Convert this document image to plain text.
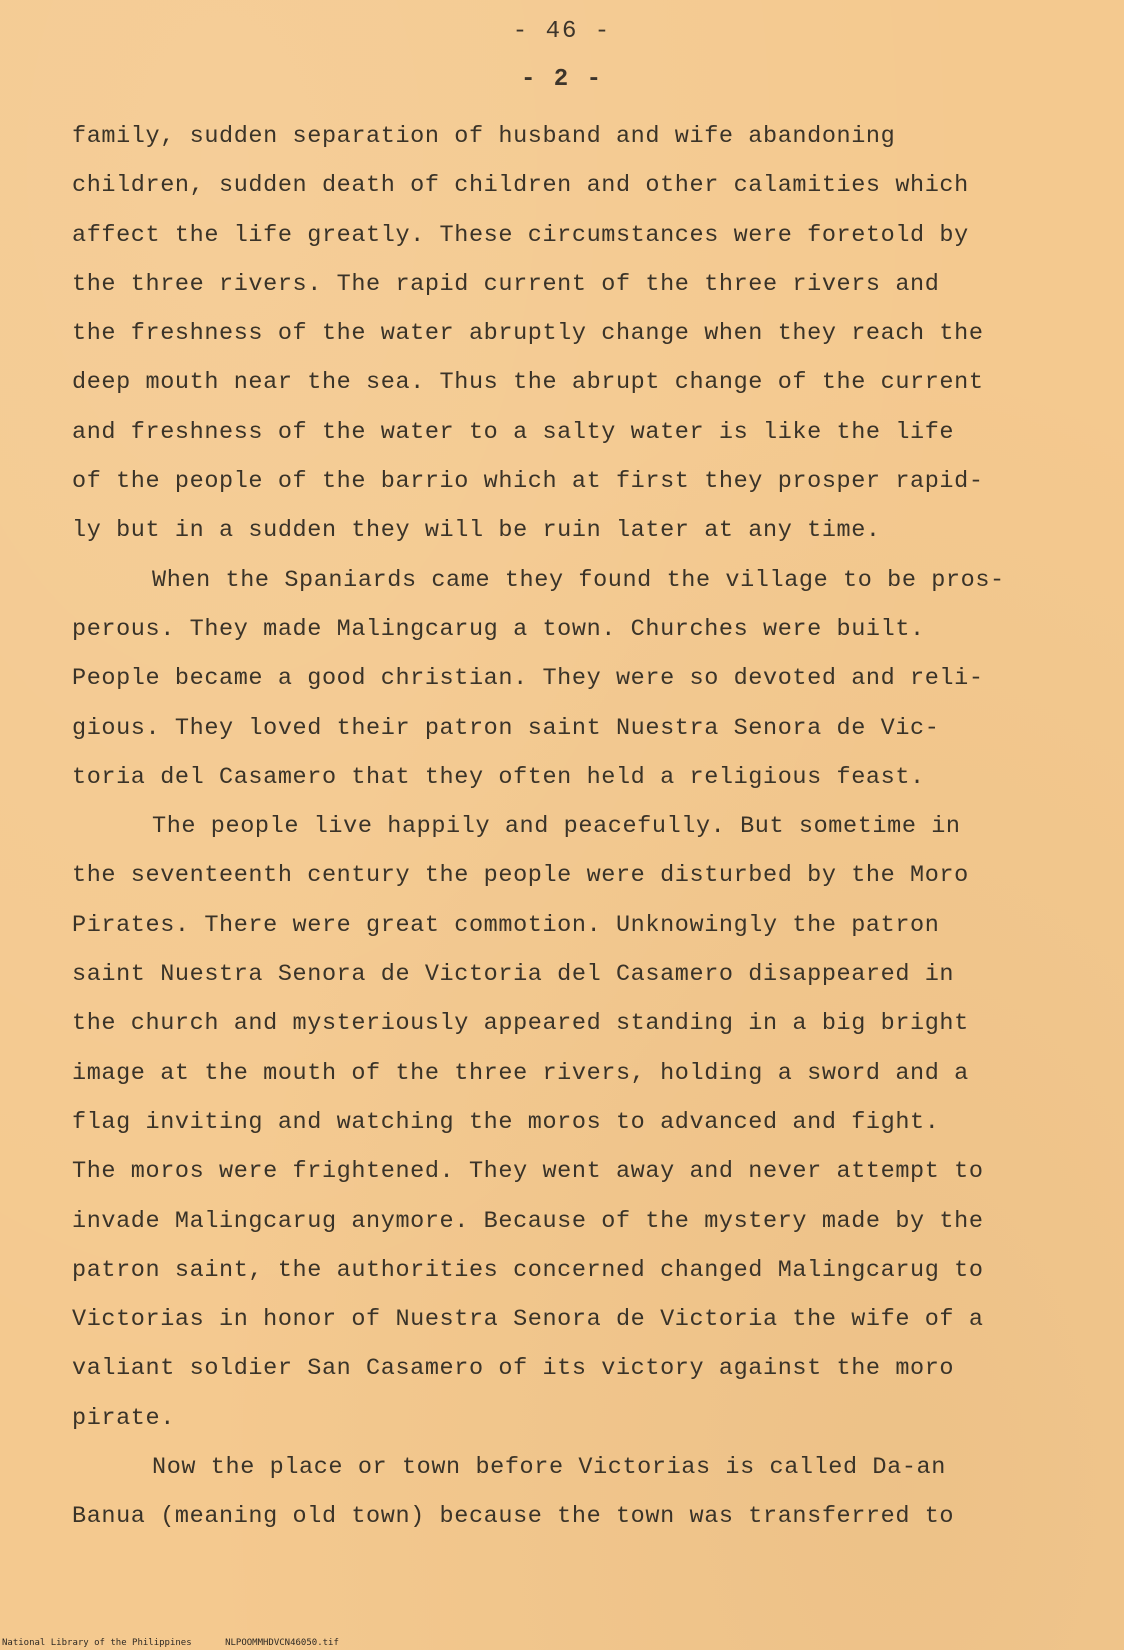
- 46 -
- 2 -
family, sudden separation of husband and wife abandoning
children, sudden death of children and other calamities which
affect the life greatly. These circumstances were foretold by
the three rivers. The rapid current of the three rivers and
the freshness of the water abruptly change when they reach the
deep mouth near the sea. Thus the abrupt change of the current
and freshness of the water to a salty water is like the life
of the people of the barrio which at first they prosper rapid-
ly but in a sudden they will be ruin later at any time.
When the Spaniards came they found the village to be pros-
perous. They made Malingcarug a town. Churches were built.
People became a good christian. They were so devoted and reli-
gious. They loved their patron saint Nuestra Senora de Vic-
toria del Casamero that they often held a religious feast.
The people live happily and peacefully. But sometime in
the seventeenth century the people were disturbed by the Moro
Pirates. There were great commotion. Unknowingly the patron
saint Nuestra Senora de Victoria del Casamero disappeared in
the church and mysteriously appeared standing in a big bright
image at the mouth of the three rivers, holding a sword and a
flag inviting and watching the moros to advanced and fight.
The moros were frightened. They went away and never attempt to
invade Malingcarug anymore. Because of the mystery made by the
patron saint, the authorities concerned changed Malingcarug to
Victorias in honor of Nuestra Senora de Victoria the wife of a
valiant soldier San Casamero of its victory against the moro
pirate.
Now the place or town before Victorias is called Da-an
Banua (meaning old town) because the town was transferred to
National Library of the Philippines	NLPOOMMHDVCN46050.tif
